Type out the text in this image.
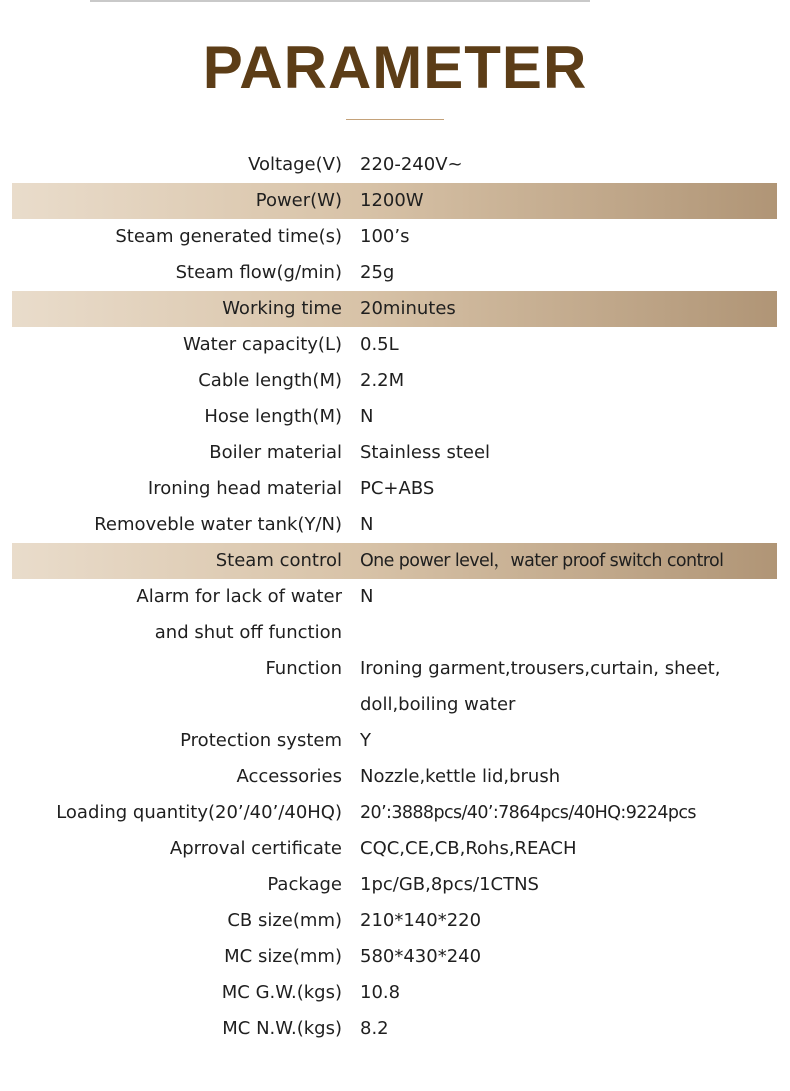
PARAMETER
Voltage(V) 220-240V~
Power(W) 1200W
Steam generated time(s) 100’s
Steam flow(g/min) 25g
Working time 20minutes
Water capacity(L) 0.5L
Cable length(M) 2.2M
Hose length(M) N
Boiler material Stainless steel
Ironing head material PC+ABS
Removeble water tank(Y/N) N
Steam control One power level，water proof switch control
Alarm for lack of water
and shut off function
N
Function Ironing garment,trousers,curtain, sheet,
doll,boiling water
Protection system Y
Accessories Nozzle,kettle lid,brush
Loading quantity(20’/40’/40HQ) 20’:3888pcs/40’:7864pcs/40HQ:9224pcs
Aprroval certificate CQC,CE,CB,Rohs,REACH
Package 1pc/GB,8pcs/1CTNS
CB size(mm) 210*140*220
MC size(mm) 580*430*240
MC G.W.(kgs) 10.8
MC N.W.(kgs) 8.2
